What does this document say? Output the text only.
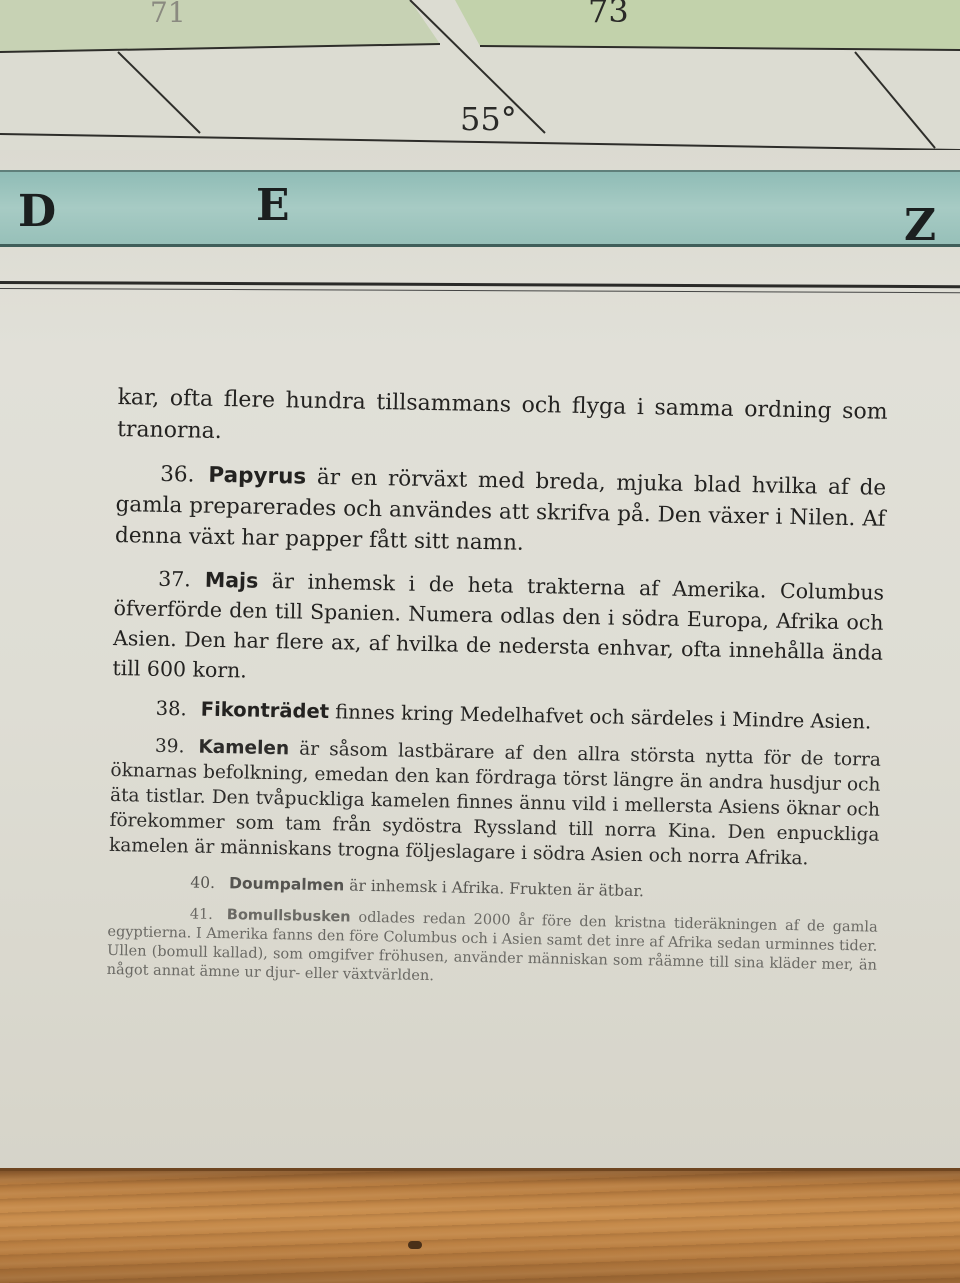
71	73
55°
D	E	Z

kar, ofta flere hundra tillsammans och flyga i samma ordning som tranorna.

36. Papyrus är en rörväxt med breda, mjuka blad hvilka af de gamla preparerades och användes att skrifva på. Den växer i Nilen. Af denna växt har papper fått sitt namn.

37. Majs är inhemsk i de heta trakterna af Amerika. Columbus öfverförde den till Spanien. Numera odlas den i södra Europa, Afrika och Asien. Den har flere ax, af hvilka de nedersta enhvar, ofta innehålla ända till 600 korn.

38. Fikonträdet finnes kring Medelhafvet och särdeles i Mindre Asien.

39. Kamelen är såsom lastbärare af den allra största nytta för de torra öknarnas befolkning, emedan den kan fördraga törst längre än andra husdjur och äta tistlar. Den tvåpuckliga kamelen finnes ännu vild i mellersta Asiens öknar och förekommer som tam från sydöstra Ryssland till norra Kina. Den enpuckliga kamelen är människans trogna följeslagare i södra Asien och norra Afrika.

40. Doumpalmen är inhemsk i Afrika. Frukten är ätbar.

41. Bomullsbusken odlades redan 2000 år före den kristna tideräkningen af de gamla egyptierna. I Amerika fanns den före Columbus och i Asien samt det inre af Afrika sedan urminnes tider. Ullen (bomull kallad), som omgifver fröhusen, använder människan som råämne till sina kläder mer, än något annat ämne ur djur- eller växtvärlden.
